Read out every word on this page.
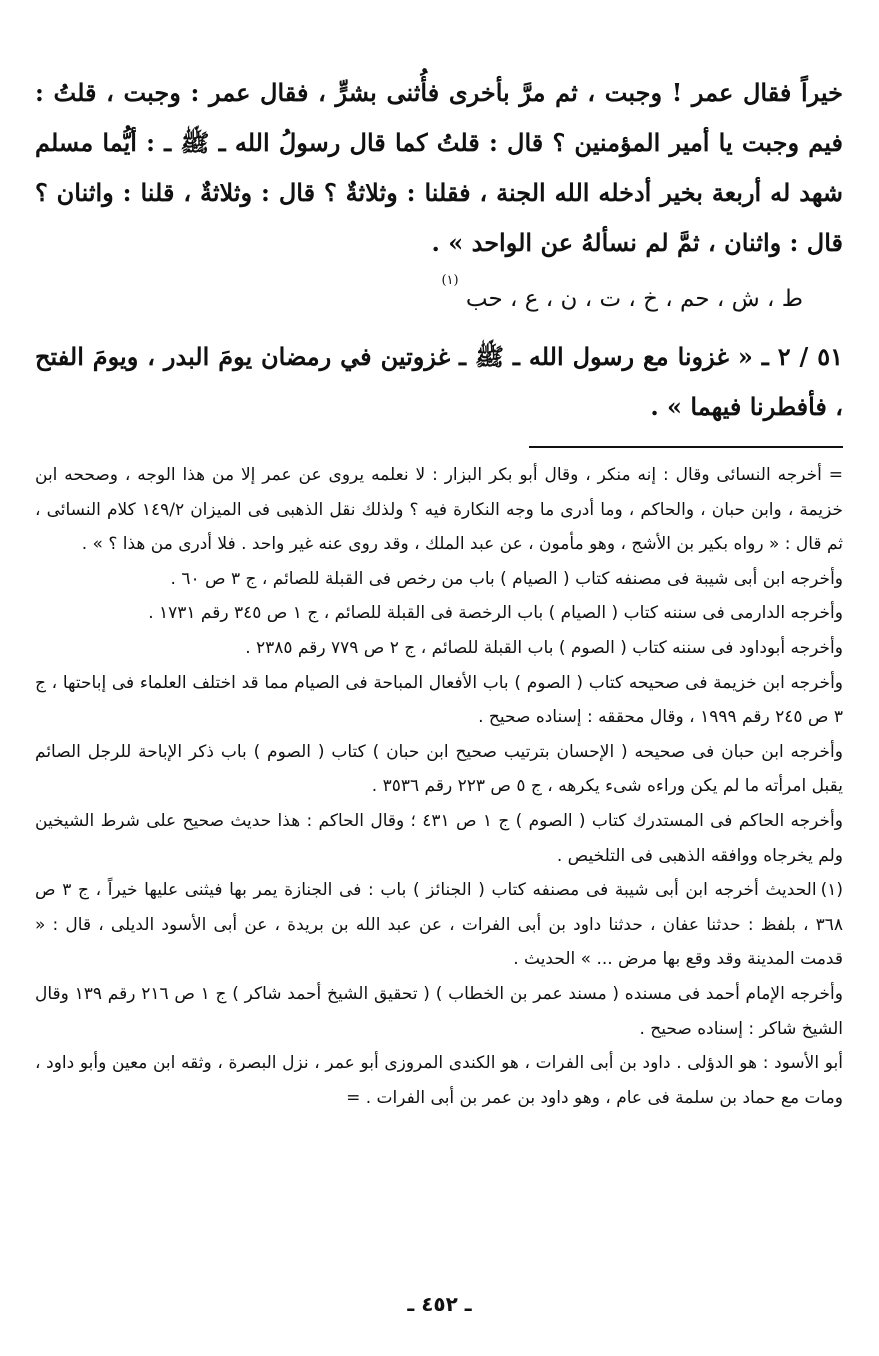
خيراً فقال عمر ! وجبت ، ثم مرَّ بأخرى فأُثنى بشرٍّ ، فقال عمر : وجبت ، قلتُ : فيم وجبت يا أمير المؤمنين ؟ قال : قلتُ كما قال رسولُ الله ـ ﷺ ـ : أيُّما مسلم شهد له أربعة بخير أدخله الله الجنة ، فقلنا : وثلاثةٌ ؟ قال : وثلاثةٌ ، قلنا : واثنان ؟ قال : واثنان ، ثمَّ لم نسألهُ عن الواحد » .

ط ، ش ، حم ، خ ، ت ، ن ، ع ، حب $^{(١)}$

٥١ / ٢ ـ « غزونا مع رسول الله ـ ﷺ ـ غزوتين في رمضان يومَ البدر ، ويومَ الفتح ، فأفطرنا فيهما » .

= أخرجه النسائى وقال : إنه منكر ، وقال أبو بكر البزار : لا نعلمه يروى عن عمر إلا من هذا الوجه ، وصححه ابن خزيمة ، وابن حبان ، والحاكم ، وما أدرى ما وجه النكارة فيه ؟ ولذلك نقل الذهبى فى الميزان ١٤٩/٢ كلام النسائى ، ثم قال : « رواه بكير بن الأشج ، وهو مأمون ، عن عبد الملك ، وقد روى عنه غير واحد . فلا أدرى من هذا ؟ » .

وأخرجه ابن أبى شيبة فى مصنفه كتاب ( الصيام ) باب من رخص فى القبلة للصائم ، ج ٣ ص ٦٠ .

وأخرجه الدارمى فى سننه كتاب ( الصيام ) باب الرخصة فى القبلة للصائم ، ج ١ ص ٣٤٥ رقم ١٧٣١ .

وأخرجه أبوداود فى سننه كتاب ( الصوم ) باب القبلة للصائم ، ج ٢ ص ٧٧٩ رقم ٢٣٨٥ .

وأخرجه ابن خزيمة فى صحيحه كتاب ( الصوم ) باب الأفعال المباحة فى الصيام مما قد اختلف العلماء فى إباحتها ، ج ٣ ص ٢٤٥ رقم ١٩٩٩ ، وقال محققه : إسناده صحيح .

وأخرجه ابن حبان فى صحيحه ( الإحسان بترتيب صحيح ابن حبان ) كتاب ( الصوم ) باب ذكر الإباحة للرجل الصائم يقبل امرأته ما لم يكن وراءه شىء يكرهه ، ج ٥ ص ٢٢٣ رقم ٣٥٣٦ .

وأخرجه الحاكم فى المستدرك كتاب ( الصوم ) ج ١ ص ٤٣١ ؛ وقال الحاكم : هذا حديث صحيح على شرط الشيخين ولم يخرجاه ووافقه الذهبى فى التلخيص .

(١)الحديث أخرجه ابن أبى شيبة فى مصنفه كتاب ( الجنائز ) باب : فى الجنازة يمر بها فيثنى عليها خيراً ، ج ٣ ص ٣٦٨ ، بلفظ : حدثنا عفان ، حدثنا داود بن أبى الفرات ، عن عبد الله بن بريدة ، عن أبى الأسود الديلى ، قال : « قدمت المدينة وقد وقع بها مرض ... » الحديث .

وأخرجه الإمام أحمد فى مسنده ( مسند عمر بن الخطاب ) ( تحقيق الشيخ أحمد شاكر ) ج ١ ص ٢١٦ رقم ١٣٩ وقال الشيخ شاكر : إسناده صحيح .

أبو الأسود : هو الدؤلى . داود بن أبى الفرات ، هو الكندى المروزى أبو عمر ، نزل البصرة ، وثقه ابن معين وأبو داود ، ومات مع حماد بن سلمة فى عام ، وهو داود بن عمر بن أبى الفرات . =

ـ ٤٥٢ ـ
